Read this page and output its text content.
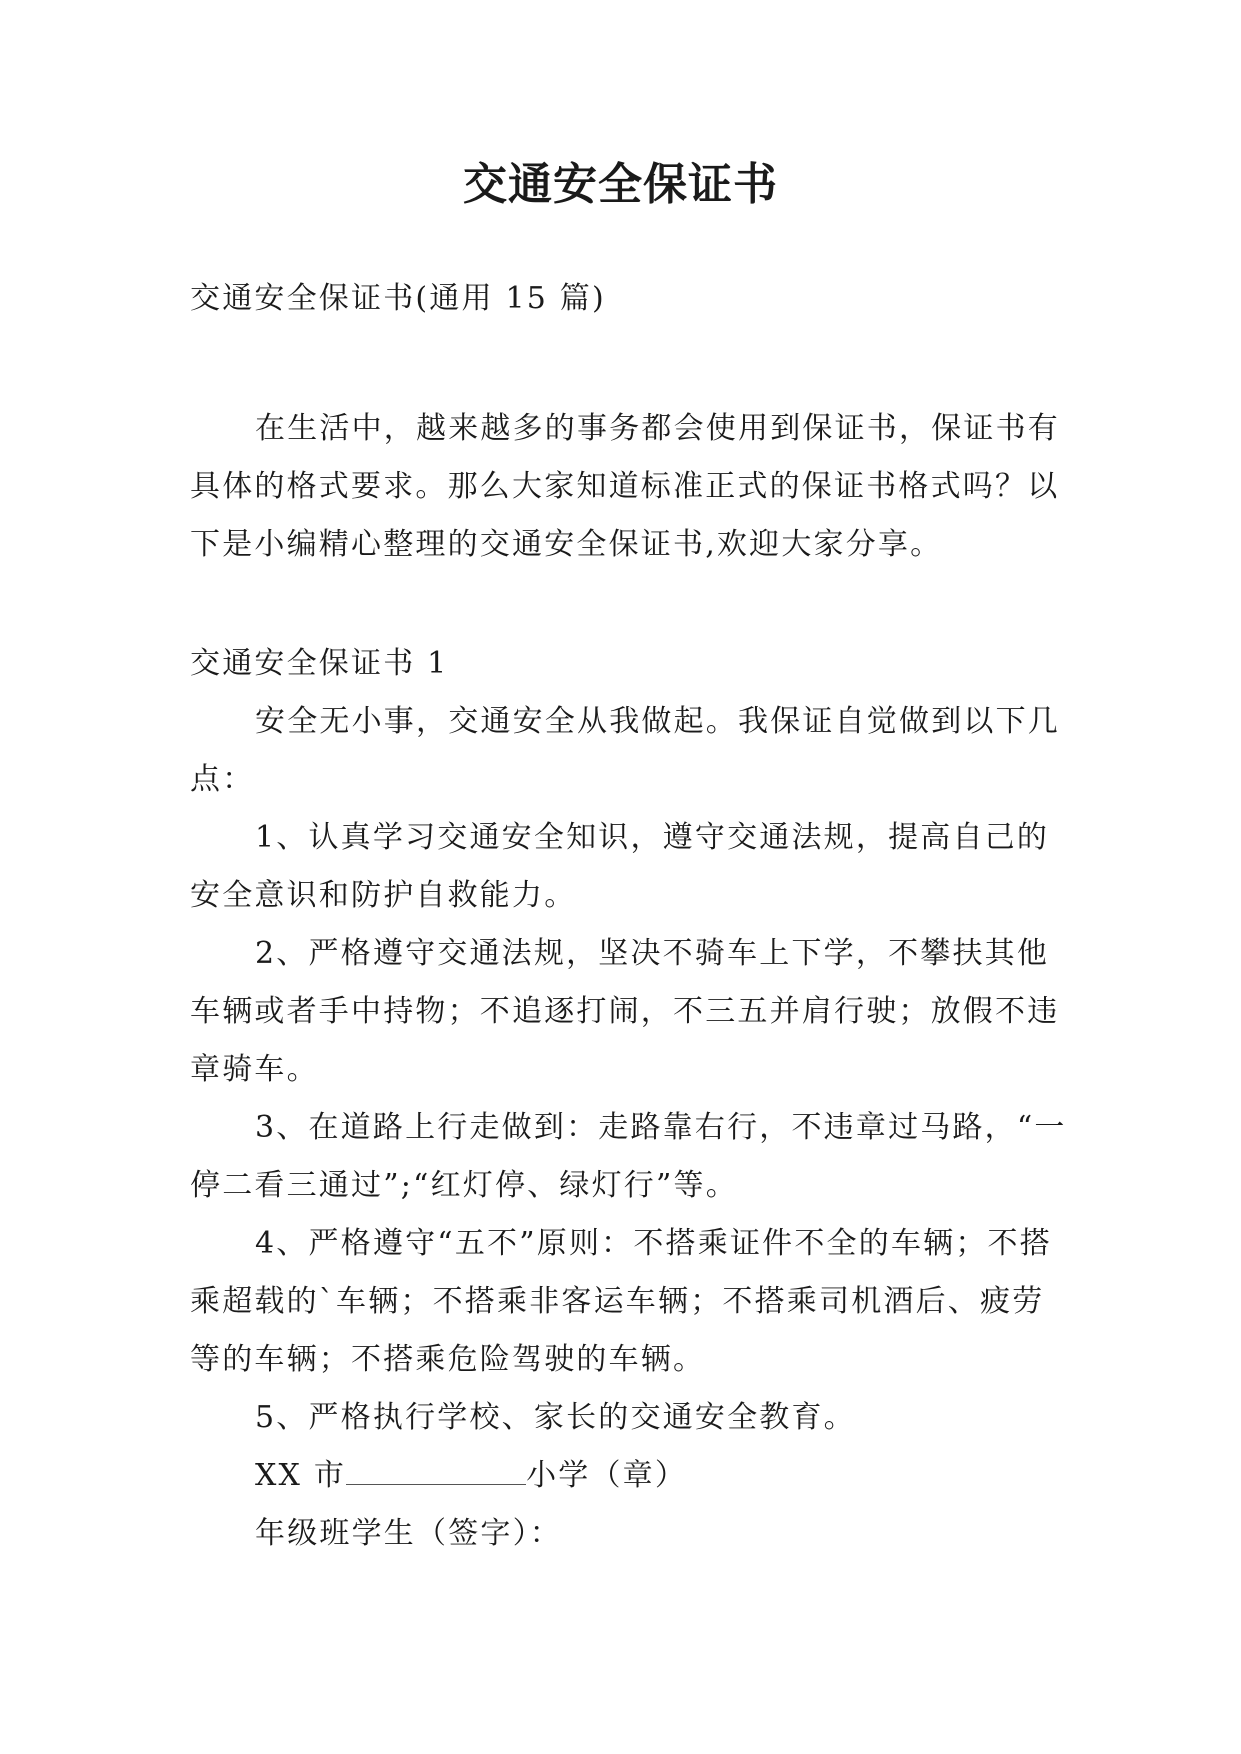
交通安全保证书

交通安全保证书(通用 15 篇)

在生活中，越来越多的事务都会使用到保证书，保证书有具体的格式要求。那么大家知道标准正式的保证书格式吗？以下是小编精心整理的交通安全保证书,欢迎大家分享。

交通安全保证书 1

安全无小事，交通安全从我做起。我保证自觉做到以下几点：

1、认真学习交通安全知识，遵守交通法规，提高自己的安全意识和防护自救能力。

2、严格遵守交通法规，坚决不骑车上下学，不攀扶其他车辆或者手中持物；不追逐打闹，不三五并肩行驶；放假不违章骑车。

3、在道路上行走做到：走路靠右行，不违章过马路，“一停二看三通过”;“红灯停、绿灯行”等。

4、严格遵守“五不”原则：不搭乘证件不全的车辆；不搭乘超载的`车辆；不搭乘非客运车辆；不搭乘司机酒后、疲劳等的车辆；不搭乘危险驾驶的车辆。

5、严格执行学校、家长的交通安全教育。

XX 市	小学（章）

年级班学生（签字）：
